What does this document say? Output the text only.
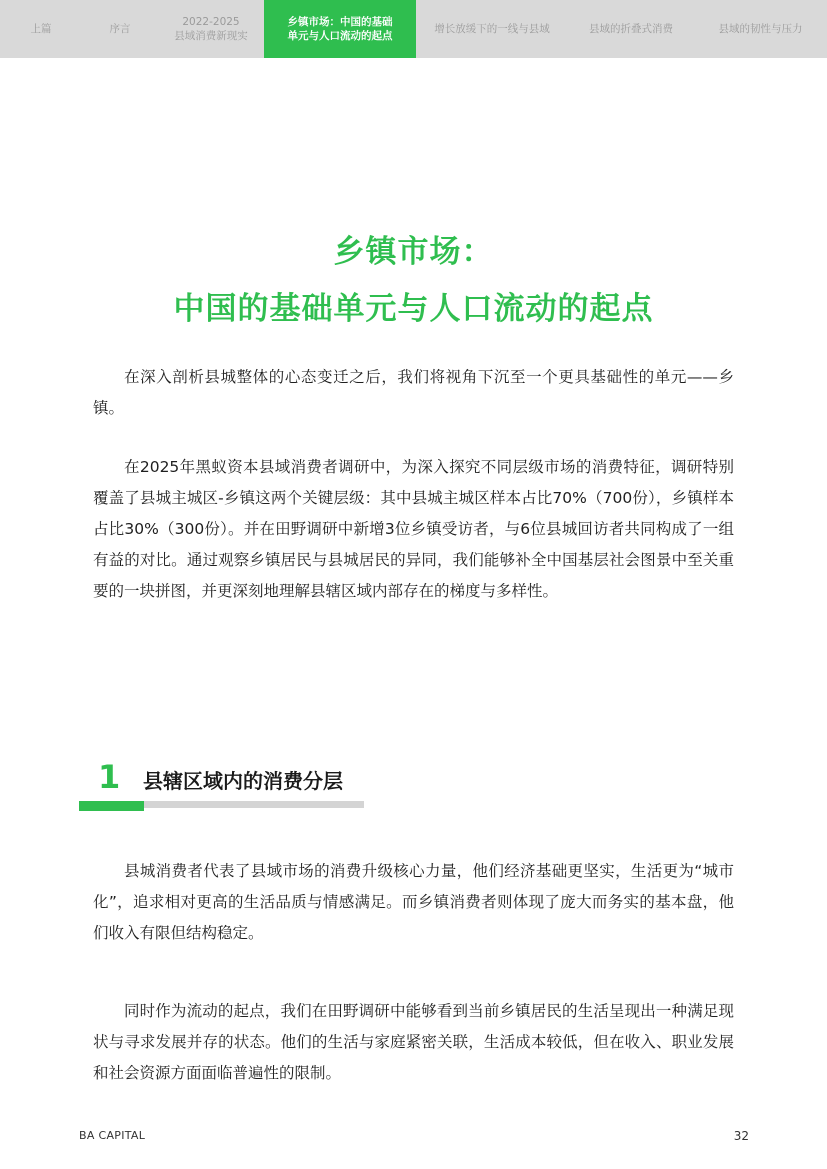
上篇	序言
2022-2025
县域消费新现实
乡镇市场：中国的基础
单元与人口流动的起点
增长放缓下的一线与县域	县域的折叠式消费	县域的韧性与压力
乡镇市场：
中国的基础单元与人口流动的起点

在深入剖析县城整体的心态变迁之后，我们将视角下沉至一个更具基础性的单元——乡镇。

在2025年黑蚁资本县域消费者调研中，为深入探究不同层级市场的消费特征，调研特别覆盖了县城主城区-乡镇这两个关键层级：其中县城主城区样本占比70%（700份），乡镇样本占比30%（300份）。并在田野调研中新增3位乡镇受访者，与6位县城回访者共同构成了一组有益的对比。通过观察乡镇居民与县城居民的异同，我们能够补全中国基层社会图景中至关重要的一块拼图，并更深刻地理解县辖区域内部存在的梯度与多样性。

1 县辖区域内的消费分层

县城消费者代表了县域市场的消费升级核心力量，他们经济基础更坚实，生活更为“城市化”，追求相对更高的生活品质与情感满足。而乡镇消费者则体现了庞大而务实的基本盘，他们收入有限但结构稳定。

同时作为流动的起点，我们在田野调研中能够看到当前乡镇居民的生活呈现出一种满足现状与寻求发展并存的状态。他们的生活与家庭紧密关联，生活成本较低，但在收入、职业发展和社会资源方面面临普遍性的限制。

BA CAPITAL	32
